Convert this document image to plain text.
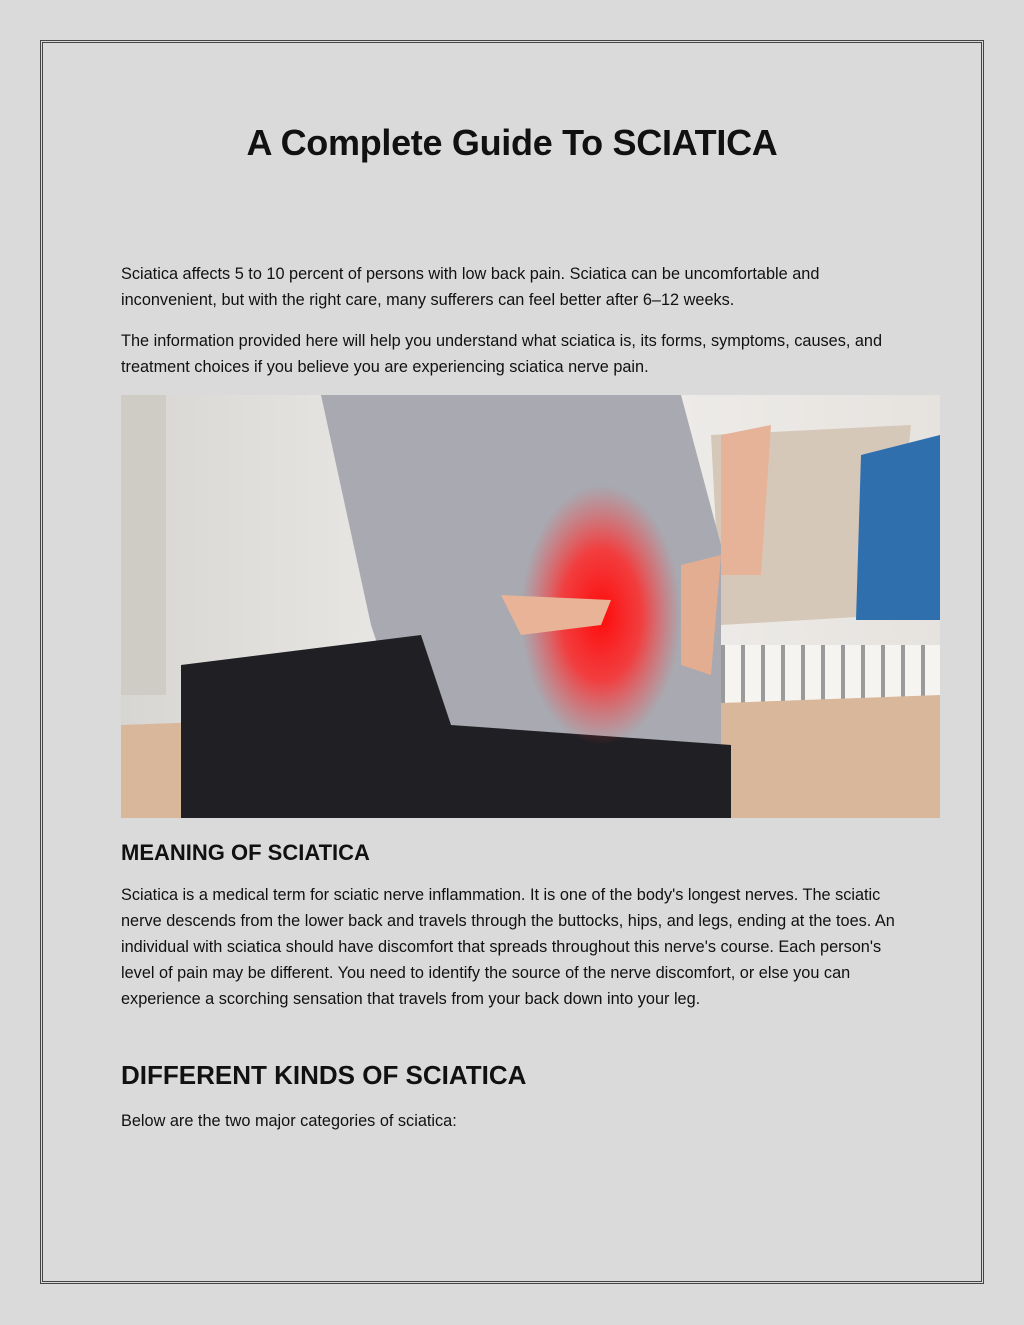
A Complete Guide To SCIATICA

Sciatica affects 5 to 10 percent of persons with low back pain. Sciatica can be uncomfortable and inconvenient, but with the right care, many sufferers can feel better after 6–12 weeks.

The information provided here will help you understand what sciatica is, its forms, symptoms, causes, and treatment choices if you believe you are experiencing sciatica nerve pain.

MEANING OF SCIATICA

Sciatica is a medical term for sciatic nerve inflammation. It is one of the body's longest nerves. The sciatic nerve descends from the lower back and travels through the buttocks, hips, and legs, ending at the toes. An individual with sciatica should have discomfort that spreads throughout this nerve's course. Each person's level of pain may be different. You need to identify the source of the nerve discomfort, or else you can experience a scorching sensation that travels from your back down into your leg.

DIFFERENT KINDS OF SCIATICA

Below are the two major categories of sciatica:
